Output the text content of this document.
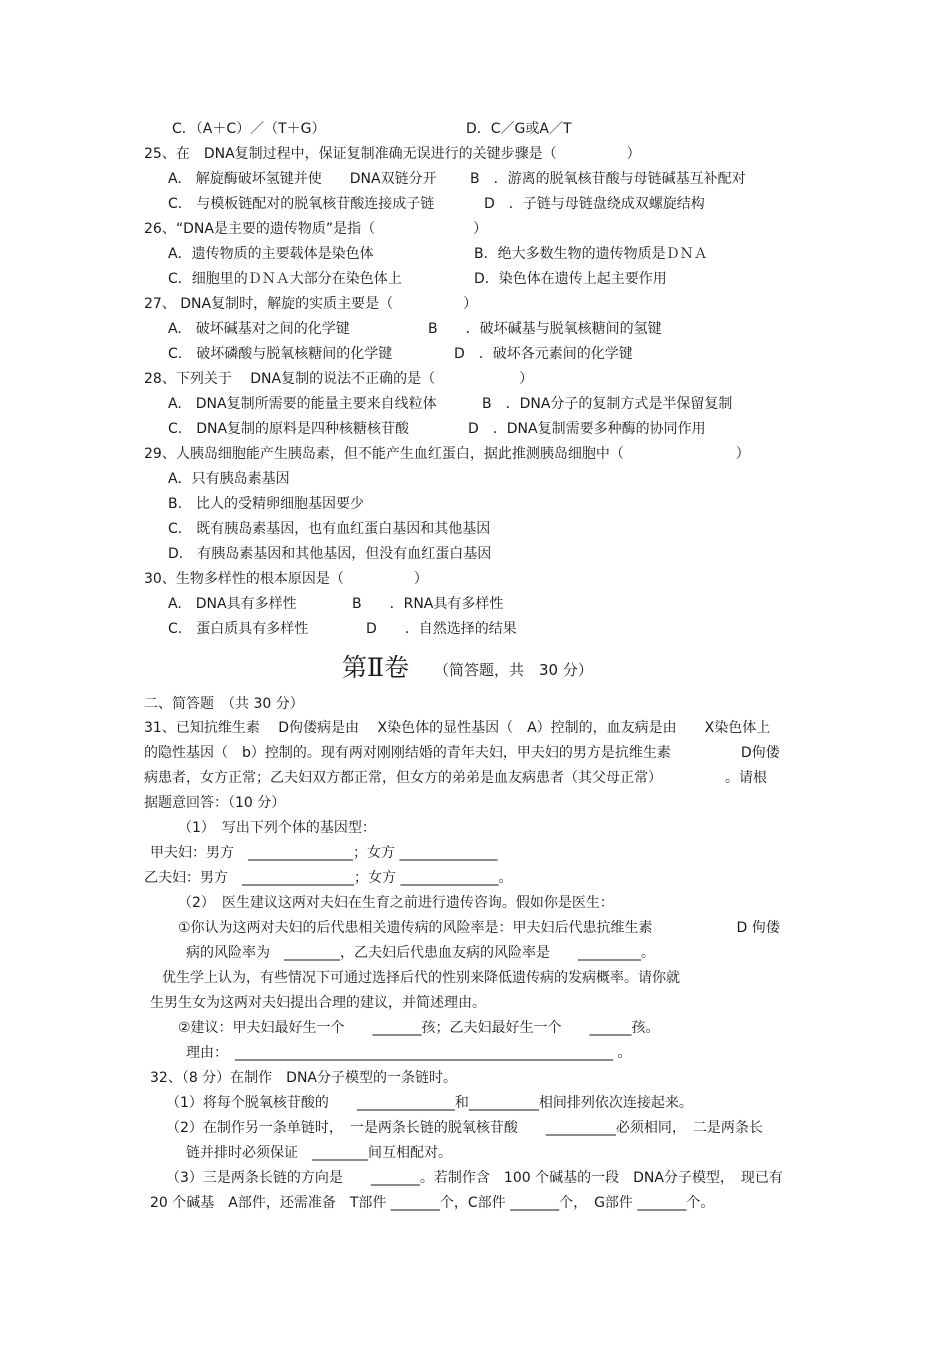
C．（A＋C）／（T＋G）	D．C／G或A／T
25、在　DNA复制过程中，保证复制准确无误进行的关键步骤是（　　　　　）
A.　解旋酶破坏氢键并使　　DNA双链分开 B　．游离的脱氧核苷酸与母链碱基互补配对
C.　与模板链配对的脱氧核苷酸连接成子链	D　．子链与母链盘绕成双螺旋结构
26、“DNA是主要的遗传物质”是指（　　　　　　　）
A．遗传物质的主要载体是染色体	B．绝大多数生物的遗传物质是ＤＮＡ
C．细胞里的ＤＮＡ大部分在染色体上	D．染色体在遗传上起主要作用
27、 DNA复制时，解旋的实质主要是（　　　　　）
A.　破坏碱基对之间的化学键	B　　．破坏碱基与脱氧核糖间的氢键
C.　破坏磷酸与脱氧核糖间的化学键	D　．破坏各元素间的化学键
28、下列关于　 DNA复制的说法不正确的是（　　　　　　）
A.　DNA复制所需要的能量主要来自线粒体	B　．DNA分子的复制方式是半保留复制
C.　DNA复制的原料是四种核糖核苷酸	D　．DNA复制需要多种酶的协同作用
29、人胰岛细胞能产生胰岛素，但不能产生血红蛋白，据此推测胰岛细胞中（　　　　　　　　）
A．只有胰岛素基因
B.　比人的受精卵细胞基因要少
C.　既有胰岛素基因，也有血红蛋白基因和其他基因
D.　有胰岛素基因和其他基因，但没有血红蛋白基因
30、生物多样性的根本原因是（　　　　　）
A.　DNA具有多样性	B　　．RNA具有多样性
C.　蛋白质具有多样性	D　　．自然选择的结果
第Ⅱ卷 （简答题，共　30 分）
二、简答题　（共 30 分）
31、已知抗维生素　 D佝偻病是由　 X染色体的显性基因（　A）控制的，血友病是由　　X染色体上
的隐性基因（　b）控制的。现有两对刚刚结婚的青年夫妇，甲夫妇的男方是抗维生素　　　　　D佝偻
病患者，女方正常；乙夫妇双方都正常，但女方的弟弟是血友病患者（其父母正常）　　　　　。请根
据题意回答：（10 分）
（1）　写出下列个体的基因型：
甲夫妇：男方　_______________；女方 ______________
乙夫妇：男方　________________；女方 ______________。
（2）　医生建议这两对夫妇在生育之前进行遗传咨询。假如你是医生：
①你认为这两对夫妇的后代患相关遗传病的风险率是：甲夫妇后代患抗维生素　　　　　　D 佝偻
病的风险率为　________，乙夫妇后代患血友病的风险率是　　_________。
优生学上认为，有些情况下可通过选择后代的性别来降低遗传病的发病概率。请你就
生男生女为这两对夫妇提出合理的建议，并简述理由。
②建议：甲夫妇最好生一个　　_______孩；乙夫妇最好生一个　　______孩。
理由：　______________________________________________________ 。
32、（8 分）在制作　DNA分子模型的一条链时。
（1）将每个脱氧核苷酸的　　______________和__________相间排列依次连接起来。
（2）在制作另一条单链时，　一是两条长链的脱氧核苷酸　　__________必须相同，　二是两条长
链并排时必须保证　________间互相配对。
（3）三是两条长链的方向是　　_______。若制作含　100 个碱基的一段　DNA分子模型，　现已有
20 个碱基　A部件，还需准备　T部件 _______个，C部件 _______个，　G部件 _______个。
